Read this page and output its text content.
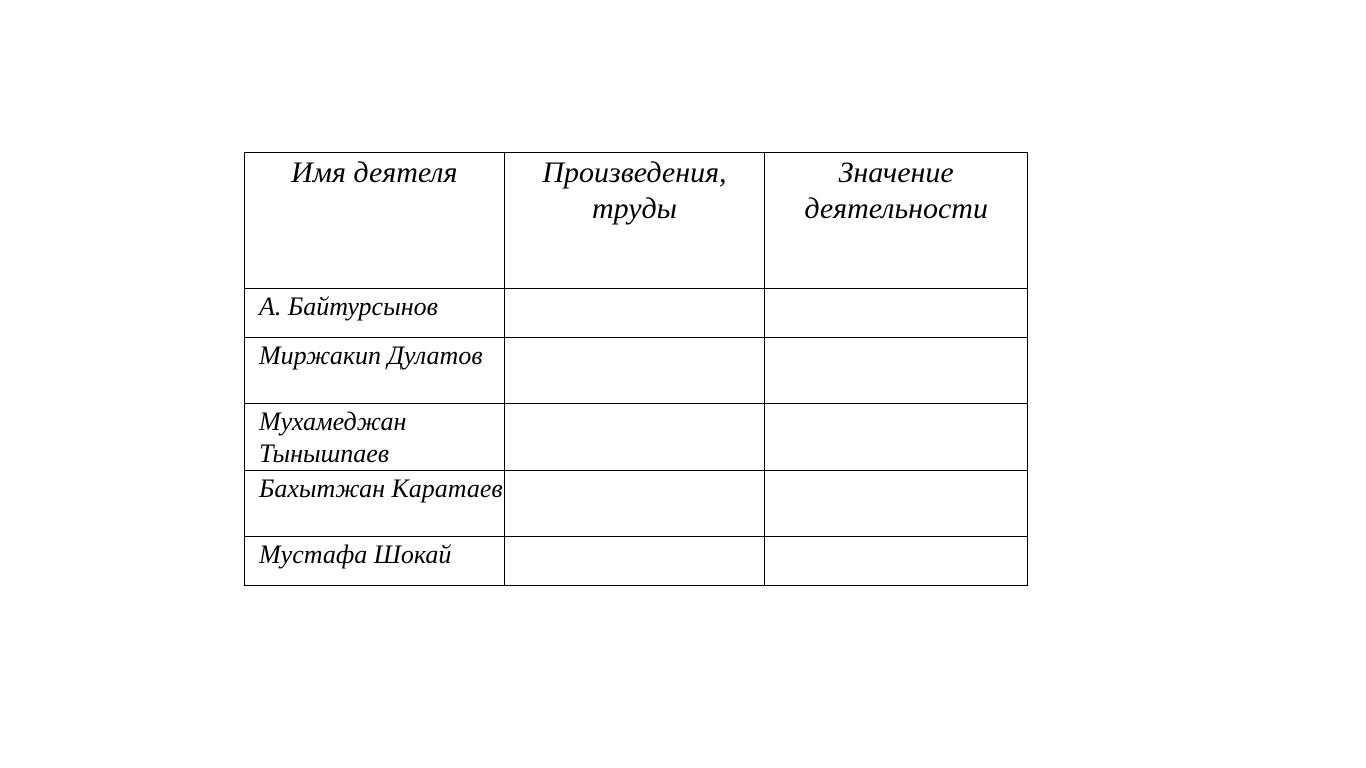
Имя деятеля	Произведения, труды	Значение деятельности
А. Байтурсынов		
Миржакип Дулатов		
Мухамеджан Тынышпаев		
Бахытжан Каратаев		
Мустафа Шокай		
